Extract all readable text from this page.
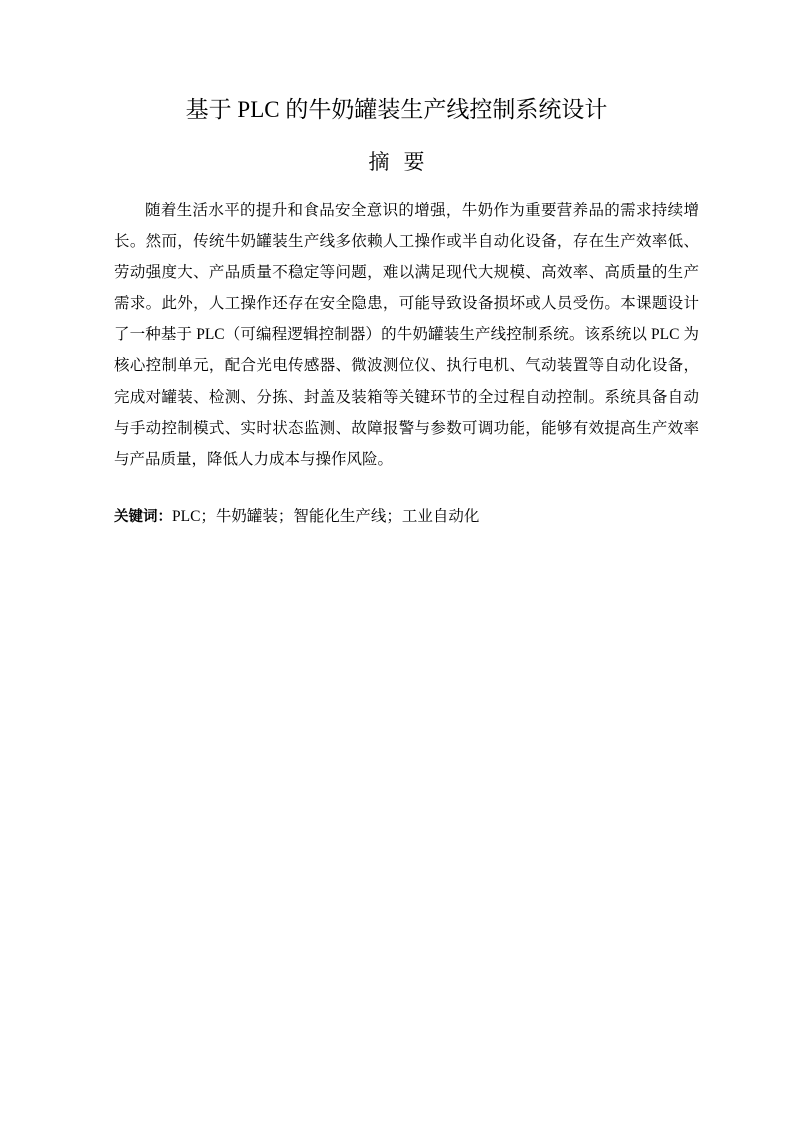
基于 PLC 的牛奶罐装生产线控制系统设计
摘要

随着生活水平的提升和食品安全意识的增强，牛奶作为重要营养品的需求持续增长。然而，传统牛奶罐装生产线多依赖人工操作或半自动化设备，存在生产效率低、劳动强度大、产品质量不稳定等问题，难以满足现代大规模、高效率、高质量的生产需求。此外，人工操作还存在安全隐患，可能导致设备损坏或人员受伤。本课题设计了一种基于 PLC（可编程逻辑控制器）的牛奶罐装生产线控制系统。该系统以 PLC 为核心控制单元，配合光电传感器、微波测位仪、执行电机、气动装置等自动化设备，完成对罐装、检测、分拣、封盖及装箱等关键环节的全过程自动控制。系统具备自动与手动控制模式、实时状态监测、故障报警与参数可调功能，能够有效提高生产效率与产品质量，降低人力成本与操作风险。

关键词：PLC；牛奶罐装；智能化生产线；工业自动化
